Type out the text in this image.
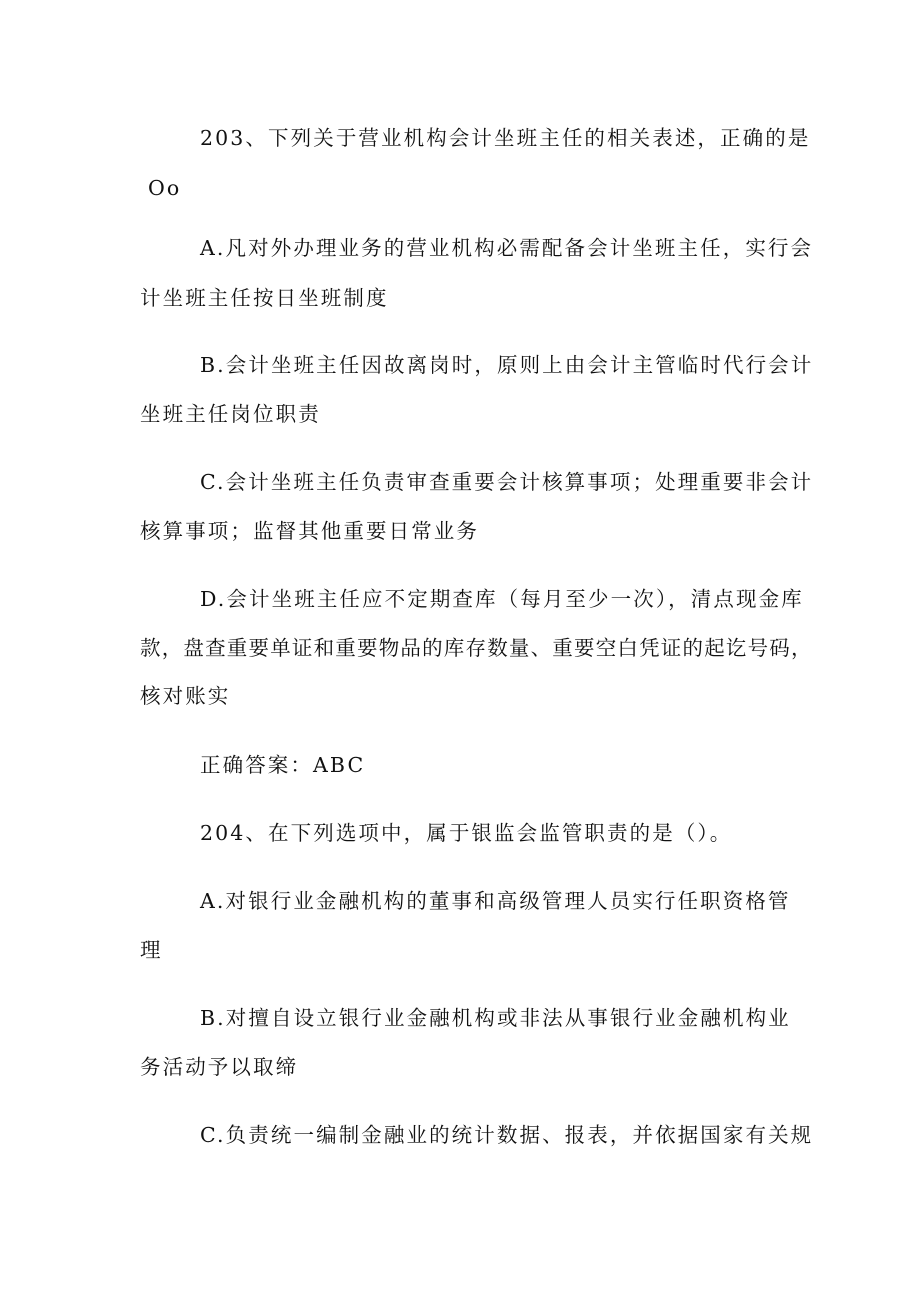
203、下列关于营业机构会计坐班主任的相关表述，正确的是

Oo

A.凡对外办理业务的营业机构必需配备会计坐班主任，实行会

计坐班主任按日坐班制度

B.会计坐班主任因故离岗时，原则上由会计主管临时代行会计

坐班主任岗位职责

C.会计坐班主任负责审查重要会计核算事项；处理重要非会计

核算事项；监督其他重要日常业务

D.会计坐班主任应不定期查库（每月至少一次），清点现金库

款，盘查重要单证和重要物品的库存数量、重要空白凭证的起讫号码，

核对账实

正确答案：ABC

204、在下列选项中，属于银监会监管职责的是（）。

A.对银行业金融机构的董事和高级管理人员实行任职资格管

理

B.对擅自设立银行业金融机构或非法从事银行业金融机构业

务活动予以取缔

C.负责统一编制金融业的统计数据、报表，并依据国家有关规
